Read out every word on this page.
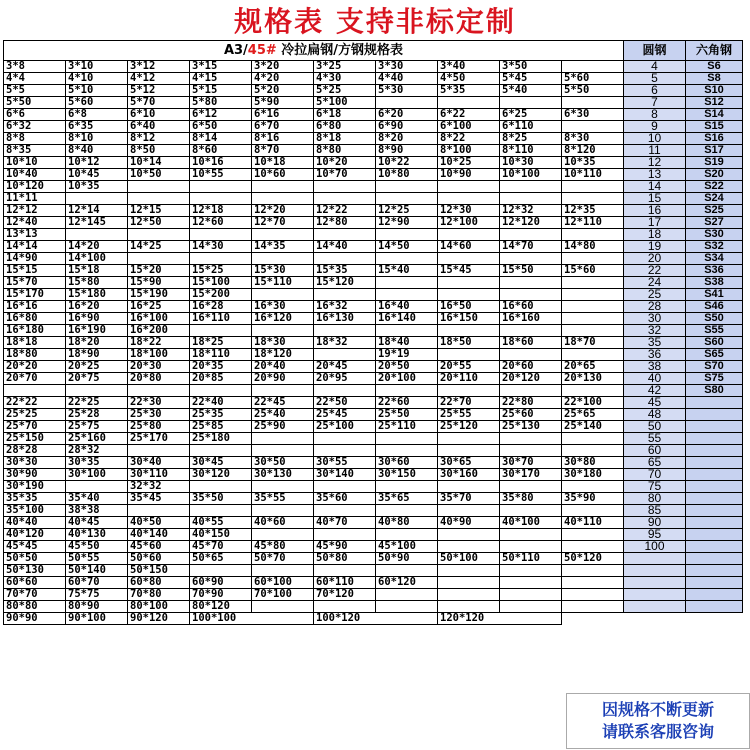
规格表 支持非标定制
A3/45# 冷拉扁钢/方钢规格表										圆钢	六角钢
3*8	3*10	3*12	3*15	3*20	3*25	3*30	3*40	3*50		4	S6
4*4	4*10	4*12	4*15	4*20	4*30	4*40	4*50	5*45	5*60	5	S8
5*5	5*10	5*12	5*15	5*20	5*25	5*30	5*35	5*40	5*50	6	S10
5*50	5*60	5*70	5*80	5*90	5*100					7	S12
6*6	6*8	6*10	6*12	6*16	6*18	6*20	6*22	6*25	6*30	8	S14
6*32	6*35	6*40	6*50	6*70	6*80	6*90	6*100	6*110		9	S15
8*8	8*10	8*12	8*14	8*16	8*18	8*20	8*22	8*25	8*30	10	S16
8*35	8*40	8*50	8*60	8*70	8*80	8*90	8*100	8*110	8*120	11	S17
10*10	10*12	10*14	10*16	10*18	10*20	10*22	10*25	10*30	10*35	12	S19
10*40	10*45	10*50	10*55	10*60	10*70	10*80	10*90	10*100	10*110	13	S20
10*120	10*35									14	S22
11*11										15	S24
12*12	12*14	12*15	12*18	12*20	12*22	12*25	12*30	12*32	12*35	16	S25
12*40	12*145	12*50	12*60	12*70	12*80	12*90	12*100	12*120	12*110	17	S27
13*13										18	S30
14*14	14*20	14*25	14*30	14*35	14*40	14*50	14*60	14*70	14*80	19	S32
14*90	14*100									20	S34
15*15	15*18	15*20	15*25	15*30	15*35	15*40	15*45	15*50	15*60	22	S36
15*70	15*80	15*90	15*100	15*110	15*120					24	S38
15*170	15*180	15*190	15*200							25	S41
16*16	16*20	16*25	16*28	16*30	16*32	16*40	16*50	16*60		28	S46
16*80	16*90	16*100	16*110	16*120	16*130	16*140	16*150	16*160		30	S50
16*180	16*190	16*200								32	S55
18*18	18*20	18*22	18*25	18*30	18*32	18*40	18*50	18*60	18*70	35	S60
18*80	18*90	18*100	18*110	18*120		19*19				36	S65
20*20	20*25	20*30	20*35	20*40	20*45	20*50	20*55	20*60	20*65	38	S70
20*70	20*75	20*80	20*85	20*90	20*95	20*100	20*110	20*120	20*130	40	S75
										42	S80
22*22	22*25	22*30	22*40	22*45	22*50	22*60	22*70	22*80	22*100	45	
25*25	25*28	25*30	25*35	25*40	25*45	25*50	25*55	25*60	25*65	48	
25*70	25*75	25*80	25*85	25*90	25*100	25*110	25*120	25*130	25*140	50	
25*150	25*160	25*170	25*180							55	
28*28	28*32									60	
30*30	30*35	30*40	30*45	30*50	30*55	30*60	30*65	30*70	30*80	65	
30*90	30*100	30*110	30*120	30*130	30*140	30*150	30*160	30*170	30*180	70	
30*190		32*32								75	
35*35	35*40	35*45	35*50	35*55	35*60	35*65	35*70	35*80	35*90	80	
35*100	38*38									85	
40*40	40*45	40*50	40*55	40*60	40*70	40*80	40*90	40*100	40*110	90	
40*120	40*130	40*140	40*150							95	
45*45	45*50	45*60	45*70	45*80	45*90	45*100				100	
50*50	50*55	50*60	50*65	50*70	50*80	50*90	50*100	50*110	50*120		
50*130	50*140	50*150									
60*60	60*70	60*80	60*90	60*100	60*110	60*120					
70*70	75*75	70*80	70*90	70*100	70*120						
80*80	80*90	80*100	80*120								
90*90	90*100	90*120	100*100		100*120		120*120				
因规格不断更新
请联系客服咨询
